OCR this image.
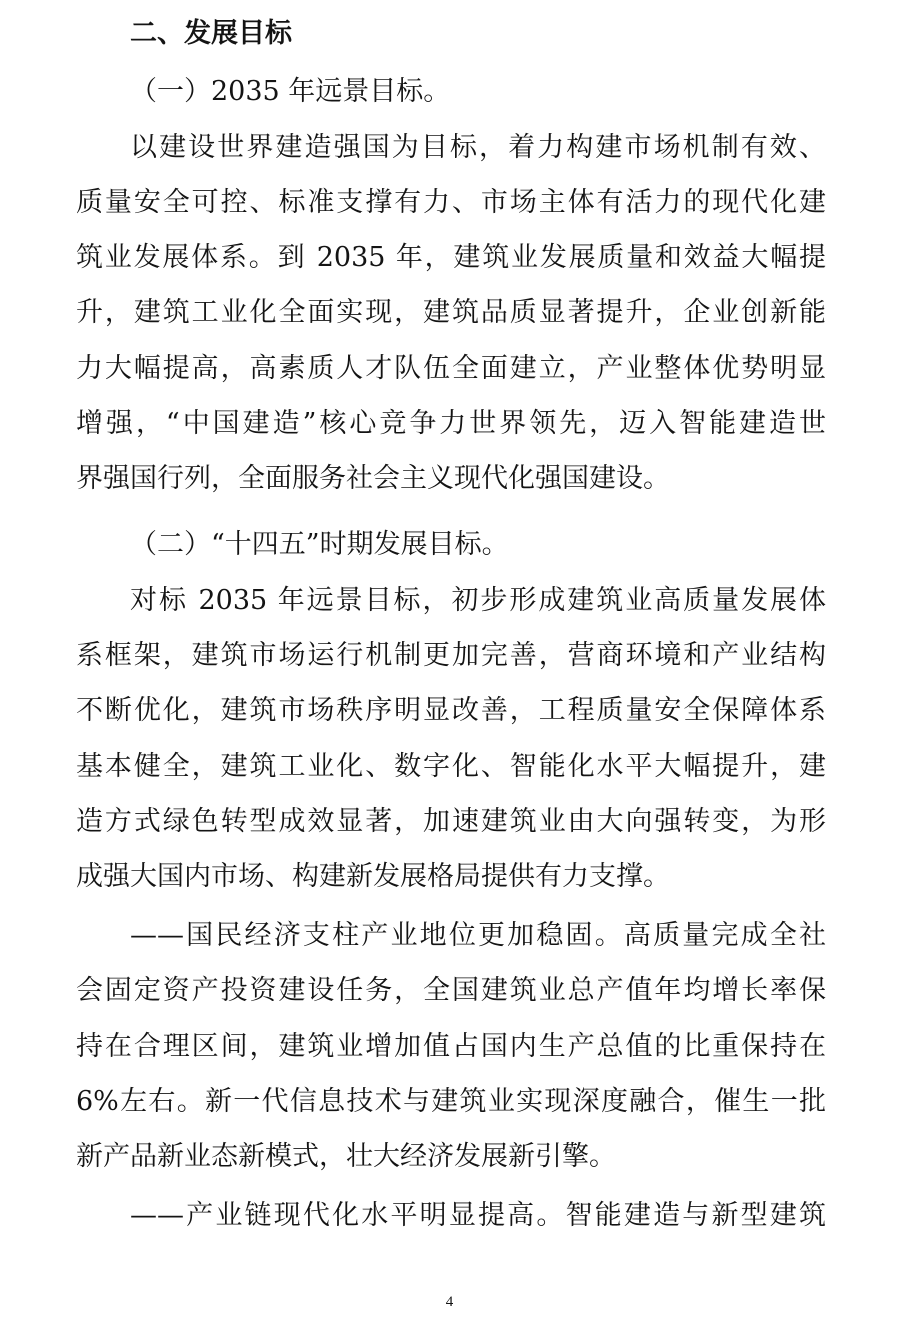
二、发展目标

（一）2035 年远景目标。

以建设世界建造强国为目标，着力构建市场机制有效、

质量安全可控、标准支撑有力、市场主体有活力的现代化建

筑业发展体系。到 2035 年，建筑业发展质量和效益大幅提

升，建筑工业化全面实现，建筑品质显著提升，企业创新能

力大幅提高，高素质人才队伍全面建立，产业整体优势明显

增强，“中国建造”核心竞争力世界领先，迈入智能建造世

界强国行列，全面服务社会主义现代化强国建设。

（二）“十四五”时期发展目标。

对标 2035 年远景目标，初步形成建筑业高质量发展体

系框架，建筑市场运行机制更加完善，营商环境和产业结构

不断优化，建筑市场秩序明显改善，工程质量安全保障体系

基本健全，建筑工业化、数字化、智能化水平大幅提升，建

造方式绿色转型成效显著，加速建筑业由大向强转变，为形

成强大国内市场、构建新发展格局提供有力支撑。

——国民经济支柱产业地位更加稳固。高质量完成全社

会固定资产投资建设任务，全国建筑业总产值年均增长率保

持在合理区间，建筑业增加值占国内生产总值的比重保持在

6%左右。新一代信息技术与建筑业实现深度融合，催生一批

新产品新业态新模式，壮大经济发展新引擎。

——产业链现代化水平明显提高。智能建造与新型建筑

4
